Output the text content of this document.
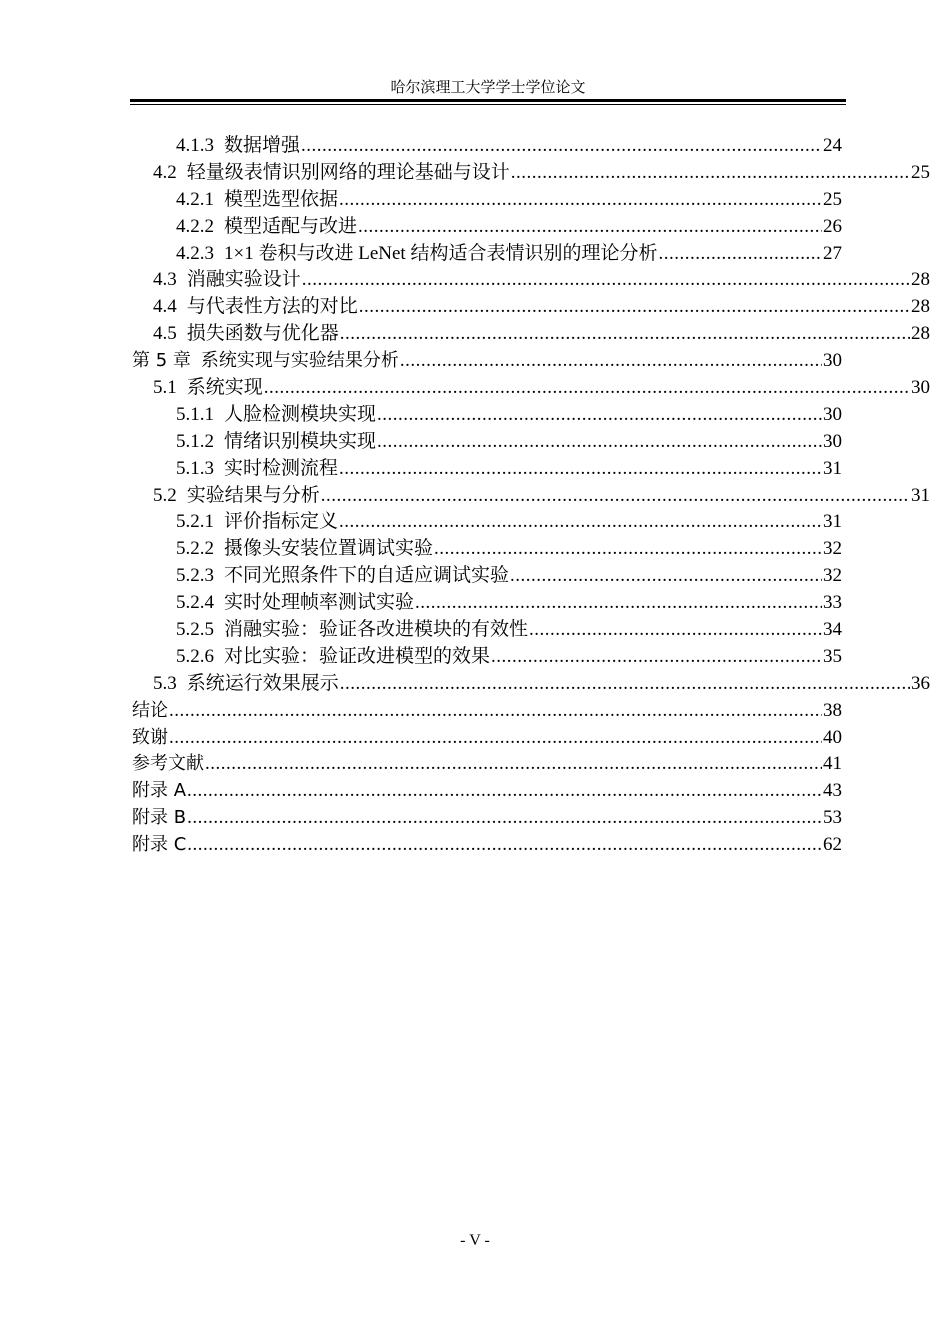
哈尔滨理工大学学士学位论文
4.1.3 数据增强 .....	24
4.2 轻量级表情识别网络的理论基础与设计 .....	25
4.2.1 模型选型依据 .....	25
4.2.2 模型适配与改进 .....	26
4.2.3 1×1 卷积与改进 LeNet 结构适合表情识别的理论分析 .....	27
4.3 消融实验设计 .....	28
4.4 与代表性方法的对比 .....	28
4.5 损失函数与优化器 .....	28
第 5 章 系统实现与实验结果分析 .....	30
5.1 系统实现 .....	30
5.1.1 人脸检测模块实现 .....	30
5.1.2 情绪识别模块实现 .....	30
5.1.3 实时检测流程 .....	31
5.2 实验结果与分析 .....	31
5.2.1 评价指标定义 .....	31
5.2.2 摄像头安装位置调试实验 .....	32
5.2.3 不同光照条件下的自适应调试实验 .....	32
5.2.4 实时处理帧率测试实验 .....	33
5.2.5 消融实验：验证各改进模块的有效性 .....	34
5.2.6 对比实验：验证改进模型的效果 .....	35
5.3 系统运行效果展示 .....	36
结论 .....	38
致谢 .....	40
参考文献 .....	41
附录 A .....	43
附录 B .....	53
附录 C .....	62
- V -
